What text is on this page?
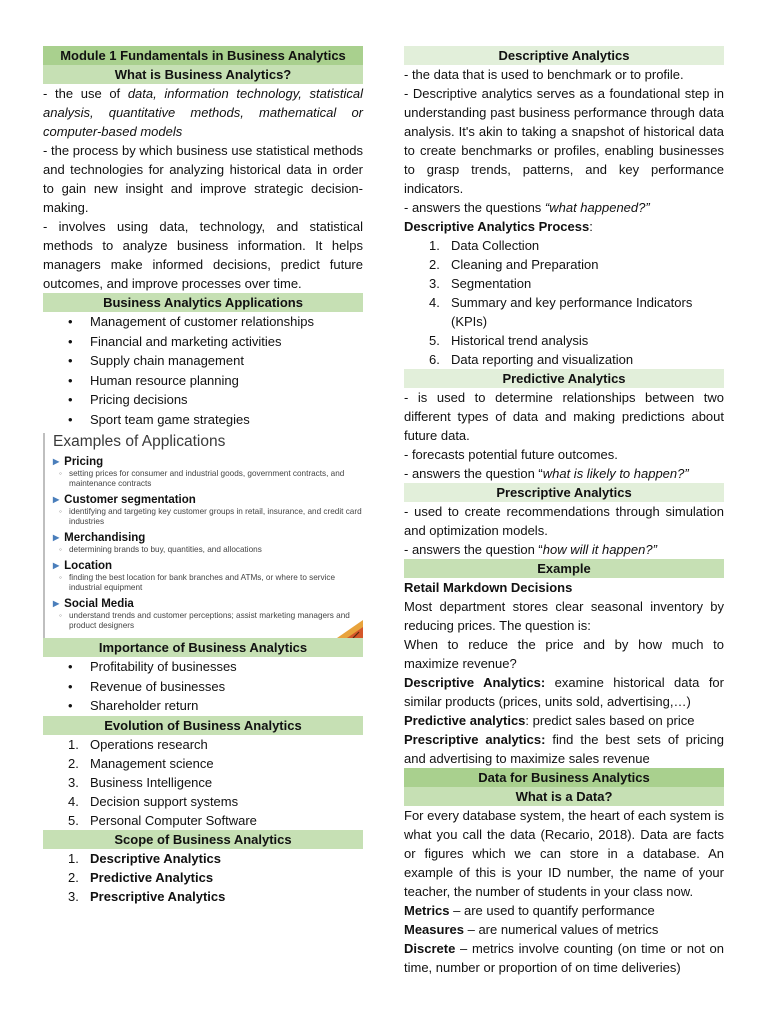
Module 1 Fundamentals in Business Analytics
What is Business Analytics?

- the use of data, information technology, statistical analysis, quantitative methods, mathematical or computer-based models

- the process by which business use statistical methods and technologies for analyzing historical data in order to gain new insight and improve strategic decision-making.

- involves using data, technology, and statistical methods to analyze business information. It helps managers make informed decisions, predict future outcomes, and improve processes over time.

Business Analytics Applications
• Management of customer relationships
• Financial and marketing activities
• Supply chain management
• Human resource planning
• Pricing decisions
• Sport team game strategies
Examples of Applications
▶ Pricing
◦ setting prices for consumer and industrial goods, government contracts, and maintenance contracts
▶ Customer segmentation
◦ identifying and targeting key customer groups in retail, insurance, and credit card industries
▶ Merchandising
◦ determining brands to buy, quantities, and allocations
▶ Location
◦ finding the best location for bank branches and ATMs, or where to service industrial equipment
▶ Social Media
◦ understand trends and customer perceptions; assist marketing managers and product designers
Importance of Business Analytics
• Profitability of businesses
• Revenue of businesses
• Shareholder return
Evolution of Business Analytics
1. Operations research
2. Management science
3. Business Intelligence
4. Decision support systems
5. Personal Computer Software
Scope of Business Analytics
1. Descriptive Analytics
2. Predictive Analytics
3. Prescriptive Analytics
Descriptive Analytics

- the data that is used to benchmark or to profile.

- Descriptive analytics serves as a foundational step in understanding past business performance through data analysis. It's akin to taking a snapshot of historical data to create benchmarks or profiles, enabling businesses to grasp trends, patterns, and key performance indicators.

- answers the questions “what happened?”

Descriptive Analytics Process:

1. Data Collection
2. Cleaning and Preparation
3. Segmentation
4. Summary and key performance Indicators (KPIs)
5. Historical trend analysis
6. Data reporting and visualization
Predictive Analytics

- is used to determine relationships between two different types of data and making predictions about future data.

- forecasts potential future outcomes.

- answers the question “what is likely to happen?”

Prescriptive Analytics

- used to create recommendations through simulation and optimization models.

- answers the question “how will it happen?”

Example

Retail Markdown Decisions

Most department stores clear seasonal inventory by reducing prices. The question is:

When to reduce the price and by how much to maximize revenue?

Descriptive Analytics: examine historical data for similar products (prices, units sold, advertising,…)

Predictive analytics: predict sales based on price

Prescriptive analytics: find the best sets of pricing and advertising to maximize sales revenue

Data for Business Analytics
What is a Data?

For every database system, the heart of each system is what you call the data (Recario, 2018). Data are facts or figures which we can store in a database. An example of this is your ID number, the name of your teacher, the number of students in your class now.

Metrics – are used to quantify performance

Measures – are numerical values of metrics

Discrete – metrics involve counting (on time or not on time, number or proportion of on time deliveries)
